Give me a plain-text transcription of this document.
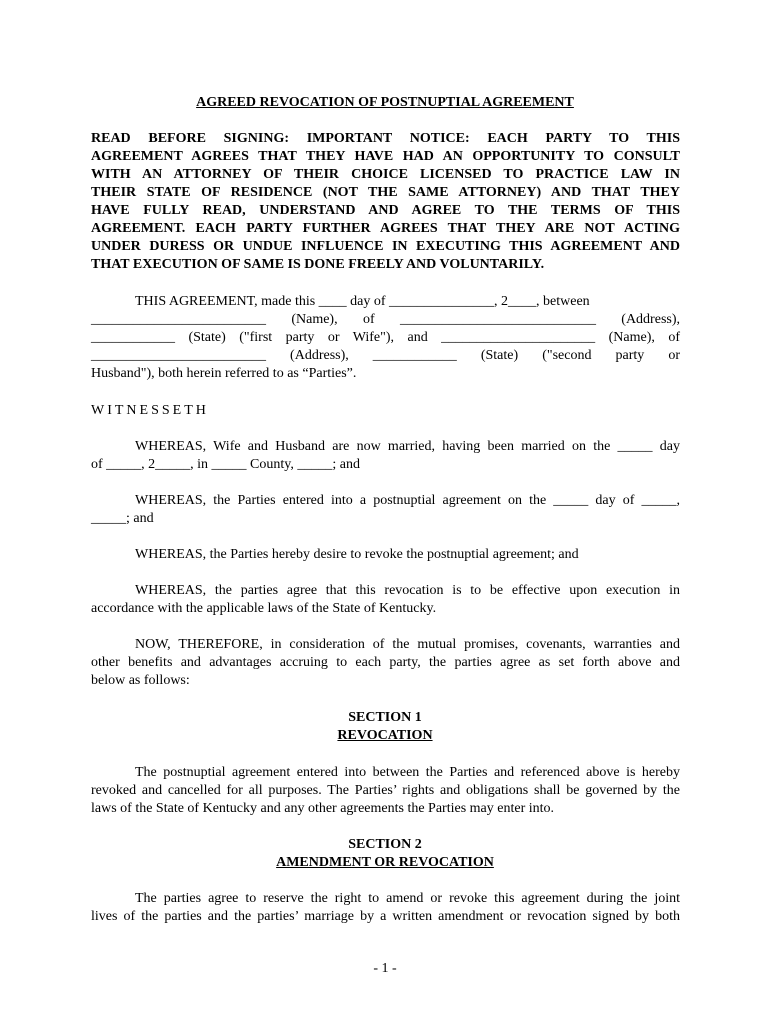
AGREED REVOCATION OF POSTNUPTIAL AGREEMENT
READ BEFORE SIGNING: IMPORTANT NOTICE: EACH PARTY TO THIS
AGREEMENT AGREES THAT THEY HAVE HAD AN OPPORTUNITY TO CONSULT
WITH AN ATTORNEY OF THEIR CHOICE LICENSED TO PRACTICE LAW IN
THEIR STATE OF RESIDENCE (NOT THE SAME ATTORNEY) AND THAT THEY
HAVE FULLY READ, UNDERSTAND AND AGREE TO THE TERMS OF THIS
AGREEMENT. EACH PARTY FURTHER AGREES THAT THEY ARE NOT ACTING
UNDER DURESS OR UNDUE INFLUENCE IN EXECUTING THIS AGREEMENT AND
THAT EXECUTION OF SAME IS DONE FREELY AND VOLUNTARILY.
THIS AGREEMENT, made this ____ day of _______________, 2____, between
_________________________ (Name), of ____________________________ (Address),
____________ (State) ("first party or Wife"), and ______________________ (Name), of
_________________________ (Address), ____________ (State) ("second party or
Husband"), both herein referred to as “Parties”.
WITNESSETH
WHEREAS, Wife and Husband are now married, having been married on the _____ day
of _____, 2_____, in _____ County, _____; and
WHEREAS, the Parties entered into a postnuptial agreement on the _____ day of _____,
_____; and
WHEREAS, the Parties hereby desire to revoke the postnuptial agreement; and
WHEREAS, the parties agree that this revocation is to be effective upon execution in
accordance with the applicable laws of the State of Kentucky.
NOW, THEREFORE, in consideration of the mutual promises, covenants, warranties and
other benefits and advantages accruing to each party, the parties agree as set forth above and
below as follows:
SECTION 1
REVOCATION
The postnuptial agreement entered into between the Parties and referenced above is hereby
revoked and cancelled for all purposes. The Parties’ rights and obligations shall be governed by the
laws of the State of Kentucky and any other agreements the Parties may enter into.
SECTION 2
AMENDMENT OR REVOCATION
The parties agree to reserve the right to amend or revoke this agreement during the joint
lives of the parties and the parties’ marriage by a written amendment or revocation signed by both
- 1 -
